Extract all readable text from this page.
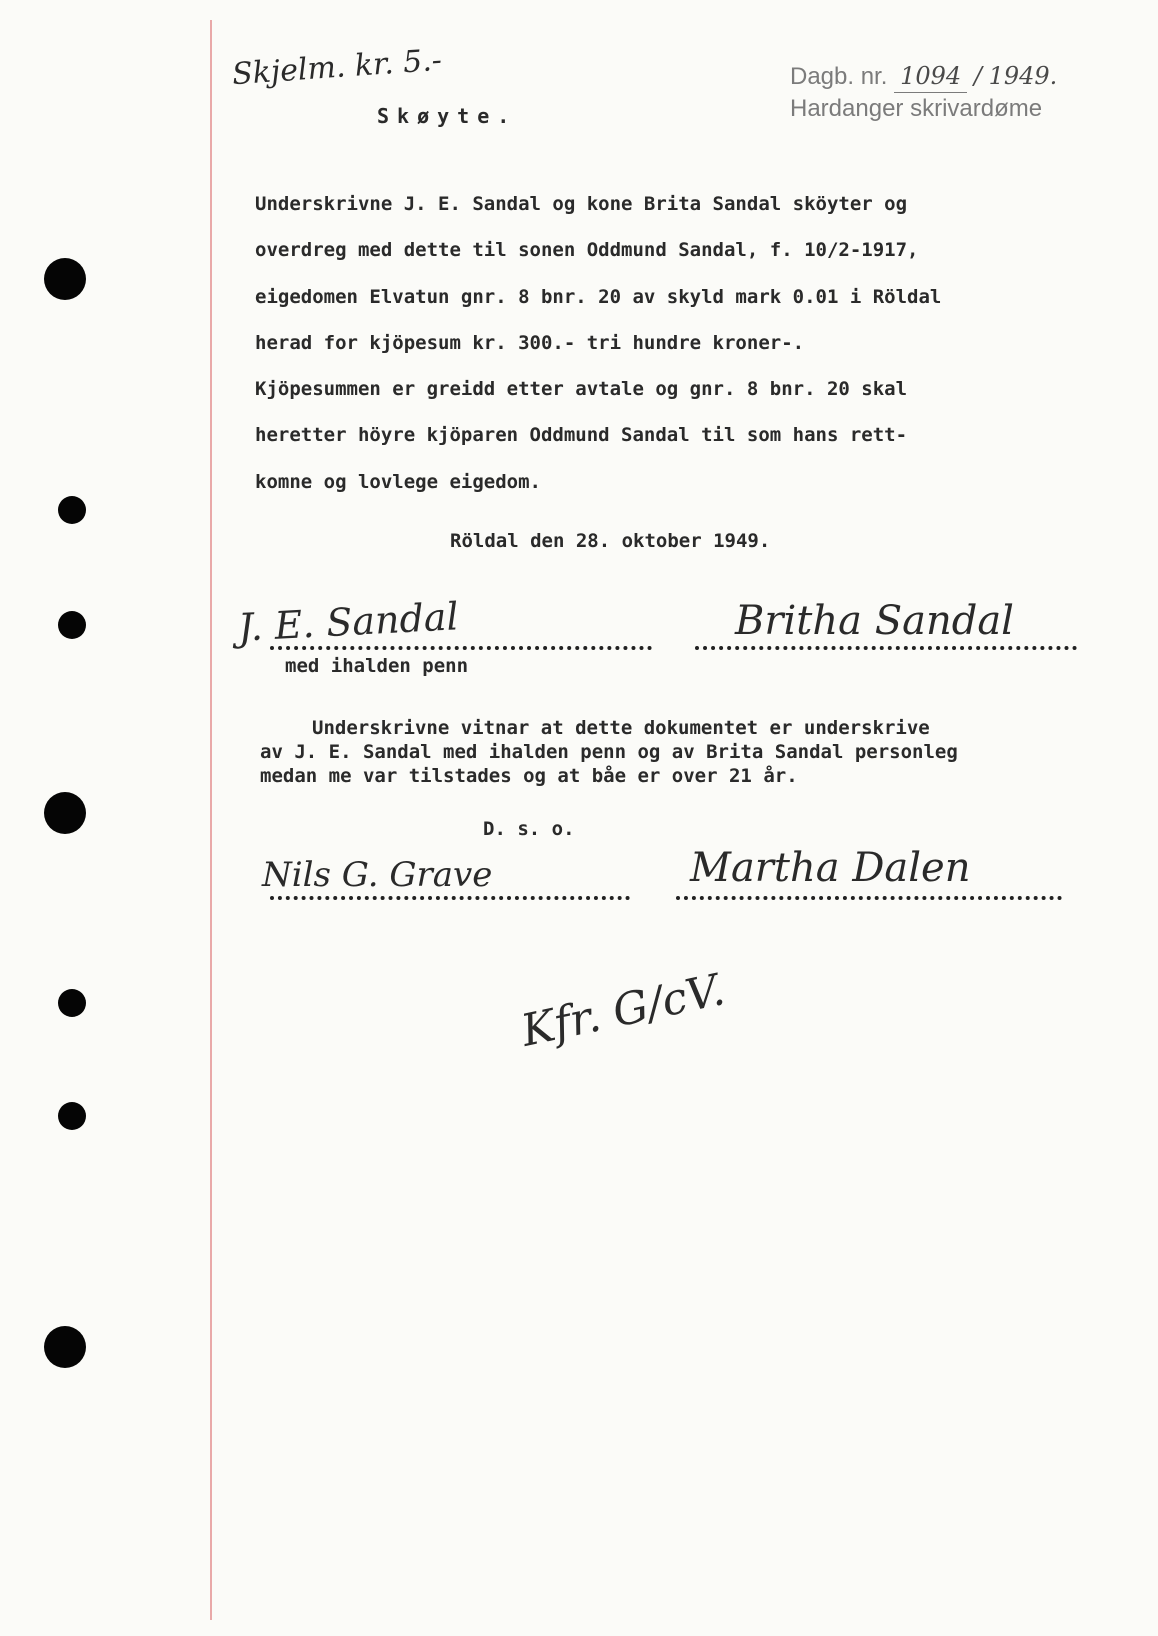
Skjelm. kr. 5.-	Dagb. nr. 1094 / 1949.
Hardanger skrivardøme
Skøyte.
Underskrivne J. E. Sandal og kone Brita Sandal sköyter og
overdreg med dette til sonen Oddmund Sandal, f. 10/2-1917,
eigedomen Elvatun gnr. 8 bnr. 20 av skyld mark 0.01 i Röldal
herad for kjöpesum kr. 300.- tri hundre kroner-.
Kjöpesummen er greidd etter avtale og gnr. 8 bnr. 20 skal
heretter höyre kjöparen Oddmund Sandal til som hans rett-
komne og lovlege eigedom.
Röldal den 28. oktober 1949.
J. E. Sandal	Britha Sandal
med ihalden penn
Underskrivne vitnar at dette dokumentet er underskrive
av J. E. Sandal med ihalden penn og av Brita Sandal personleg
medan me var tilstades og at båe er over 21 år.
D. s. o.
Nils G. Grave	Martha Dalen
Kfr. G/cV.
